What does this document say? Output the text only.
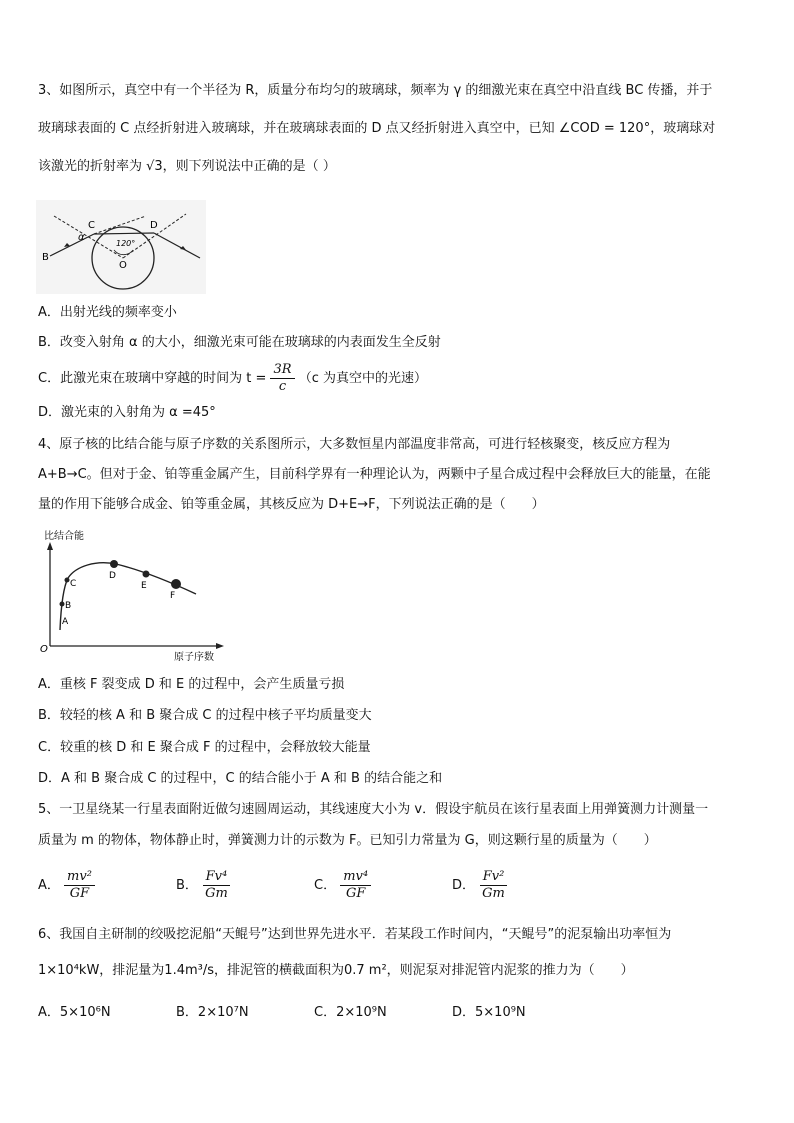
3、如图所示，真空中有一个半径为 R，质量分布均匀的玻璃球，频率为 γ 的细激光束在真空中沿直线 BC 传播，并于
玻璃球表面的 C 点经折射进入玻璃球，并在玻璃球表面的 D 点又经折射进入真空中，已知 ∠COD = 120°，玻璃球对
该激光的折射率为 √3，则下列说法中正确的是（ ）
B
C	D
O
α
120°
A．出射光线的频率变小
B．改变入射角 α 的大小，细激光束可能在玻璃球的内表面发生全反射
C．此激光束在玻璃中穿越的时间为 $t = \frac{3R}{c} (c$ 为真空中的光速）
D．激光束的入射角为 α =45°
4、原子核的比结合能与原子序数的关系图所示，大多数恒星内部温度非常高，可进行轻核聚变，核反应方程为
A+B→C。但对于金、铂等重金属产生，目前科学界有一种理论认为，两颗中子星合成过程中会释放巨大的能量，在能
量的作用下能够合成金、铂等重金属，其核反应为 D+E→F，下列说法正确的是（　　）
比结合能
O
原子序数
A
B
C
D
E
F
A．重核 F 裂变成 D 和 E 的过程中，会产生质量亏损
B．较轻的核 A 和 B 聚合成 C 的过程中核子平均质量变大
C．较重的核 D 和 E 聚合成 F 的过程中，会释放较大能量
D．A 和 B 聚合成 C 的过程中，C 的结合能小于 A 和 B 的结合能之和
5、一卫星绕某一行星表面附近做匀速圆周运动，其线速度大小为 v．假设宇航员在该行星表面上用弹簧测力计测量一
质量为 m 的物体，物体静止时，弹簧测力计的示数为 F。已知引力常量为 G，则这颗行星的质量为（　　）
A． $\frac{\text{mv²}}{GF}$	B． $\frac{\text{Fv⁴}}{Gm}$	C． $\frac{\text{mv⁴}}{GF}$	D． $\frac{\text{Fv²}}{Gm}$
6、我国自主研制的绞吸挖泥船“天鲲号”达到世界先进水平．若某段工作时间内，“天鲲号”的泥泵输出功率恒为
1×10⁴kW，排泥量为1.4m³/s，排泥管的横截面积为0.7 m²，则泥泵对排泥管内泥浆的推力为（　　）
A．5×10⁶N	B．2×10⁷N	C．2×10⁹N	D．5×10⁹N
